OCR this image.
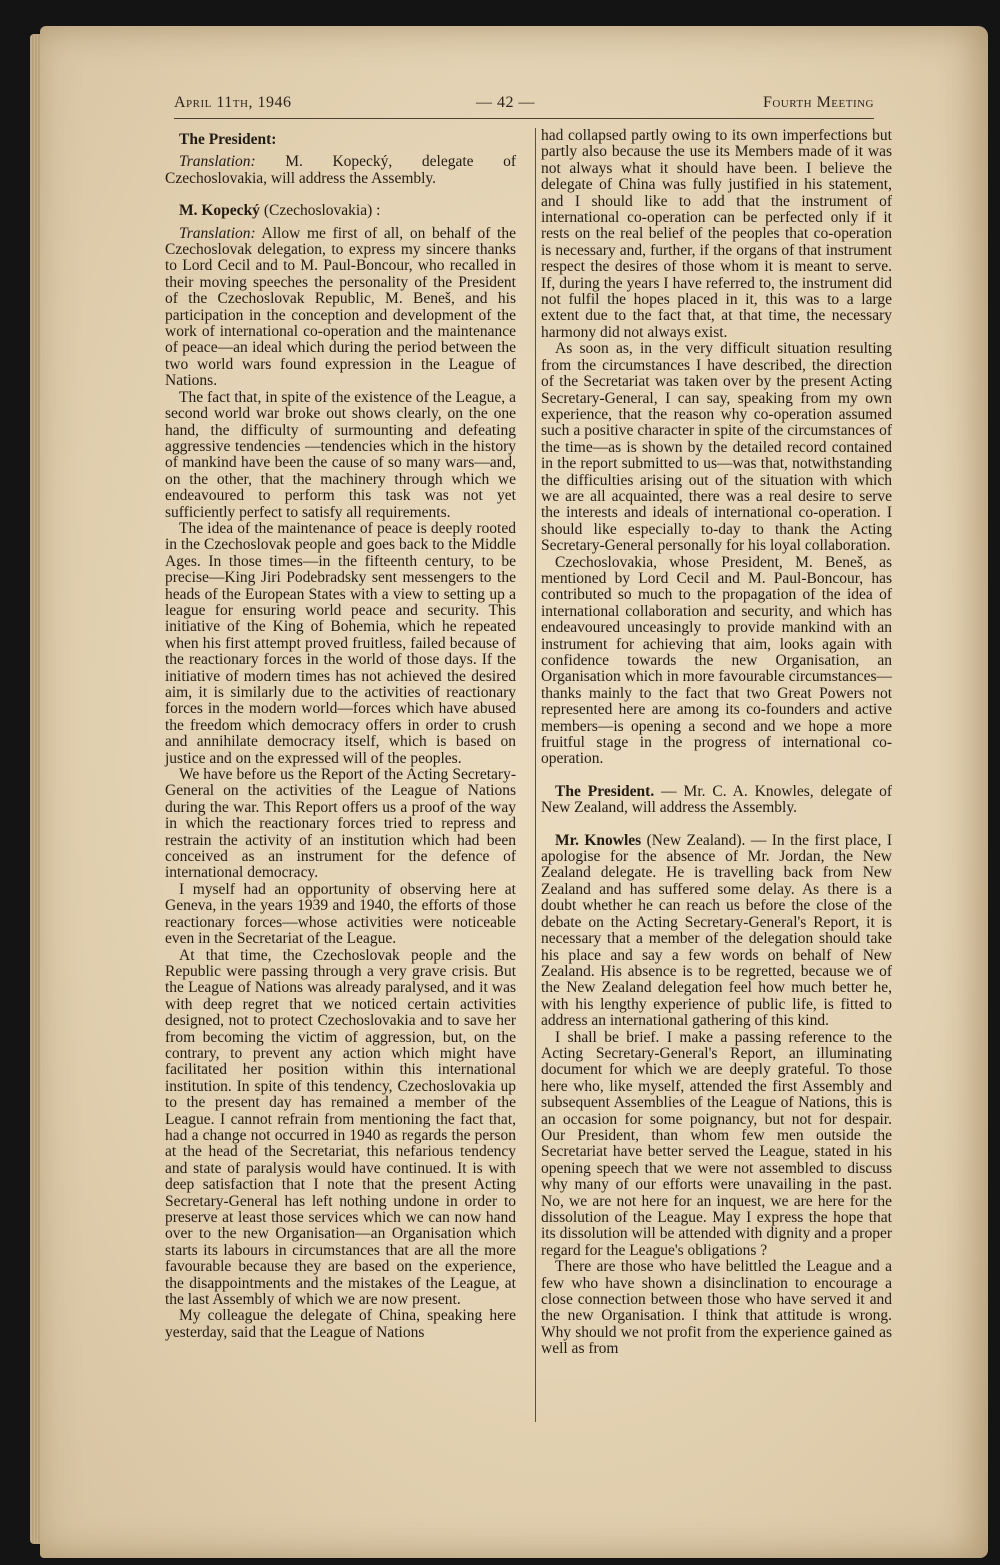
April 11th, 1946	— 42 —	Fourth Meeting

The President:

Translation: M. Kopecký, delegate of Czechoslovakia, will address the Assembly.

M. Kopecký (Czechoslovakia) :

Translation: Allow me first of all, on behalf of the Czechoslovak delegation, to express my sincere thanks to Lord Cecil and to M. Paul-Boncour, who recalled in their moving speeches the personality of the President of the Czechoslovak Republic, M. Beneš, and his participation in the conception and development of the work of international co-operation and the maintenance of peace—an ideal which during the period between the two world wars found expression in the League of Nations.

The fact that, in spite of the existence of the League, a second world war broke out shows clearly, on the one hand, the difficulty of surmounting and defeating aggressive tendencies —tendencies which in the history of mankind have been the cause of so many wars—and, on the other, that the machinery through which we endeavoured to perform this task was not yet sufficiently perfect to satisfy all requirements.

The idea of the maintenance of peace is deeply rooted in the Czechoslovak people and goes back to the Middle Ages. In those times—in the fifteenth century, to be precise—King Jiri Podebradsky sent messengers to the heads of the European States with a view to setting up a league for ensuring world peace and security. This initiative of the King of Bohemia, which he repeated when his first attempt proved fruitless, failed because of the reactionary forces in the world of those days. If the initiative of modern times has not achieved the desired aim, it is similarly due to the activities of reactionary forces in the modern world—forces which have abused the freedom which democracy offers in order to crush and annihilate democracy itself, which is based on justice and on the expressed will of the peoples.

We have before us the Report of the Acting Secretary-General on the activities of the League of Nations during the war. This Report offers us a proof of the way in which the reactionary forces tried to repress and restrain the activity of an institution which had been conceived as an instrument for the defence of international democracy.

I myself had an opportunity of observing here at Geneva, in the years 1939 and 1940, the efforts of those reactionary forces—whose activities were noticeable even in the Secretariat of the League.

At that time, the Czechoslovak people and the Republic were passing through a very grave crisis. But the League of Nations was already paralysed, and it was with deep regret that we noticed certain activities designed, not to protect Czechoslovakia and to save her from becoming the victim of aggression, but, on the contrary, to prevent any action which might have facilitated her position within this international institution. In spite of this tendency, Czechoslovakia up to the present day has remained a member of the League. I cannot refrain from mentioning the fact that, had a change not occurred in 1940 as regards the person at the head of the Secretariat, this nefarious tendency and state of paralysis would have continued. It is with deep satisfaction that I note that the present Acting Secretary-General has left nothing undone in order to preserve at least those services which we can now hand over to the new Organisation—an Organisation which starts its labours in circumstances that are all the more favourable because they are based on the experience, the disappointments and the mistakes of the League, at the last Assembly of which we are now present.

My colleague the delegate of China, speaking here yesterday, said that the League of Nations

had collapsed partly owing to its own imperfections but partly also because the use its Members made of it was not always what it should have been. I believe the delegate of China was fully justified in his statement, and I should like to add that the instrument of international co-operation can be perfected only if it rests on the real belief of the peoples that co-operation is necessary and, further, if the organs of that instrument respect the desires of those whom it is meant to serve. If, during the years I have referred to, the instrument did not fulfil the hopes placed in it, this was to a large extent due to the fact that, at that time, the necessary harmony did not always exist.

As soon as, in the very difficult situation resulting from the circumstances I have described, the direction of the Secretariat was taken over by the present Acting Secretary-General, I can say, speaking from my own experience, that the reason why co-operation assumed such a positive character in spite of the circumstances of the time—as is shown by the detailed record contained in the report submitted to us—was that, notwithstanding the difficulties arising out of the situation with which we are all acquainted, there was a real desire to serve the interests and ideals of international co-operation. I should like especially to-day to thank the Acting Secretary-General personally for his loyal collaboration.

Czechoslovakia, whose President, M. Beneš, as mentioned by Lord Cecil and M. Paul-Boncour, has contributed so much to the propagation of the idea of international collaboration and security, and which has endeavoured unceasingly to provide mankind with an instrument for achieving that aim, looks again with confidence towards the new Organisation, an Organisation which in more favourable circumstances—thanks mainly to the fact that two Great Powers not represented here are among its co-founders and active members—is opening a second and we hope a more fruitful stage in the progress of international co-operation.

The President. — Mr. C. A. Knowles, delegate of New Zealand, will address the Assembly.

Mr. Knowles (New Zealand). — In the first place, I apologise for the absence of Mr. Jordan, the New Zealand delegate. He is travelling back from New Zealand and has suffered some delay. As there is a doubt whether he can reach us before the close of the debate on the Acting Secretary-General's Report, it is necessary that a member of the delegation should take his place and say a few words on behalf of New Zealand. His absence is to be regretted, because we of the New Zealand delegation feel how much better he, with his lengthy experience of public life, is fitted to address an international gathering of this kind.

I shall be brief. I make a passing reference to the Acting Secretary-General's Report, an illuminating document for which we are deeply grateful. To those here who, like myself, attended the first Assembly and subsequent Assemblies of the League of Nations, this is an occasion for some poignancy, but not for despair. Our President, than whom few men outside the Secretariat have better served the League, stated in his opening speech that we were not assembled to discuss why many of our efforts were unavailing in the past. No, we are not here for an inquest, we are here for the dissolution of the League. May I express the hope that its dissolution will be attended with dignity and a proper regard for the League's obligations ?

There are those who have belittled the League and a few who have shown a disinclination to encourage a close connection between those who have served it and the new Organisation. I think that attitude is wrong. Why should we not profit from the experience gained as well as from
